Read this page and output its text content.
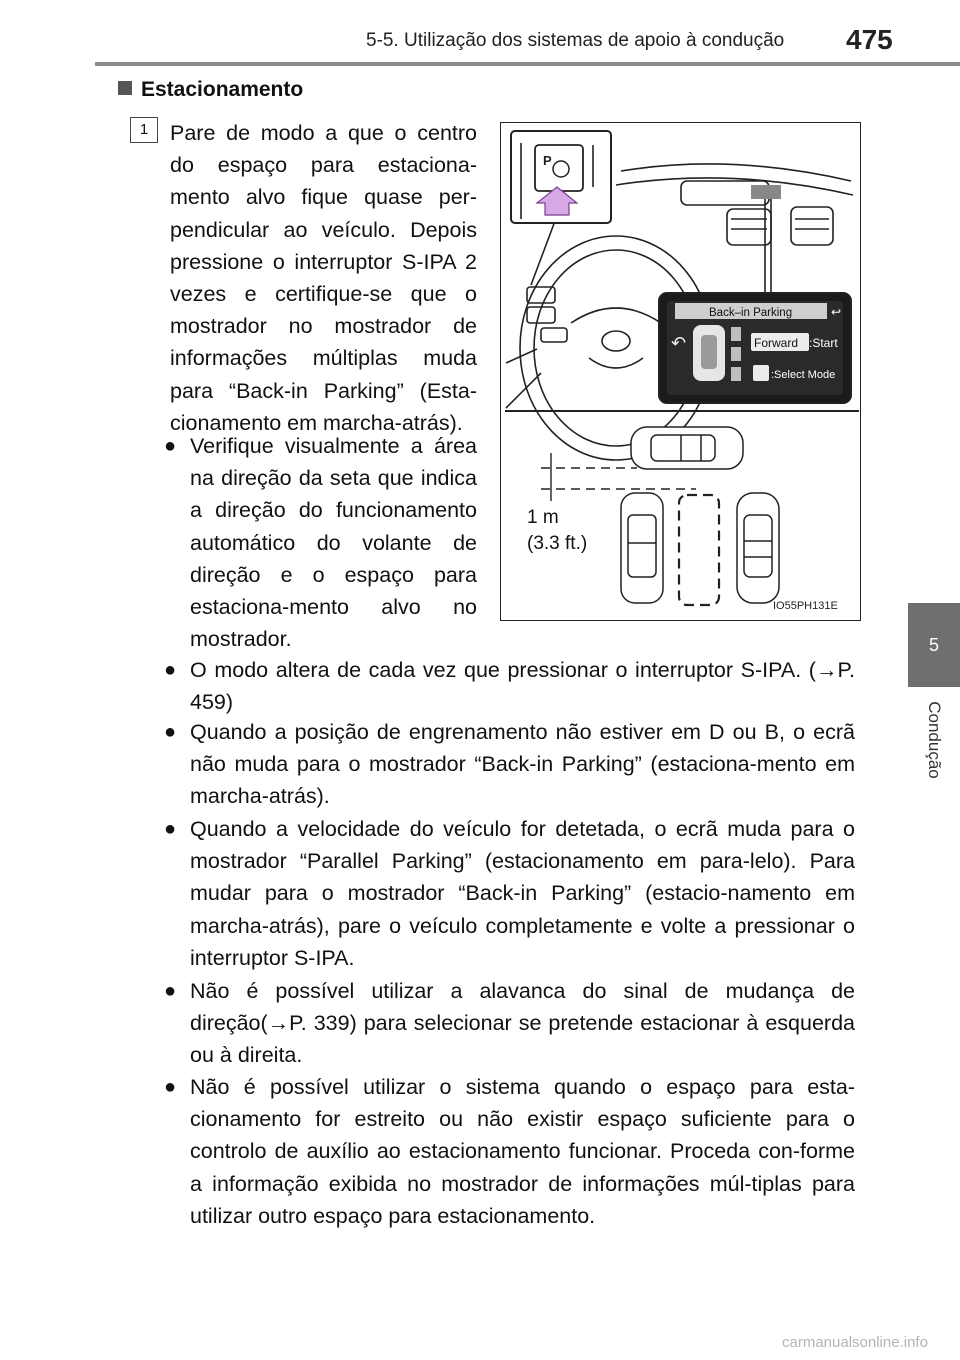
5-5. Utilização dos sistemas de apoio à condução 475
5
Condução
Estacionamento
1	Pare de modo a que o centro do espaço para estaciona-mento alvo fique quase per-pendicular ao veículo. Depois pressione o interruptor S-IPA 2 vezes e certifique-se que o mostrador no mostrador de informações múltiplas muda para “Back-in Parking” (Esta-cionamento em marcha-atrás).

● Verifique visualmente a área na direção da seta que indica a direção do funcionamento automático do volante de direção e o espaço para estaciona-mento alvo no mostrador.
● O modo altera de cada vez que pressionar o interruptor S-IPA. (→P. 459)
● Quando a posição de engrenamento não estiver em D ou B, o ecrã não muda para o mostrador “Back-in Parking” (estaciona-mento em marcha-atrás).
● Quando a velocidade do veículo for detetada, o ecrã muda para o mostrador “Parallel Parking” (estacionamento em para-lelo). Para mudar para o mostrador “Back-in Parking” (estacio-namento em marcha-atrás), pare o veículo completamente e volte a pressionar o interruptor S-IPA.
● Não é possível utilizar a alavanca do sinal de mudança de direção(→P. 339) para selecionar se pretende estacionar à esquerda ou à direita.
● Não é possível utilizar o sistema quando o espaço para esta-cionamento for estreito ou não existir espaço suficiente para o controlo de auxílio ao estacionamento funcionar. Proceda con-forme a informação exibida no mostrador de informações múl-tiplas para utilizar outro espaço para estacionamento.
P
Back–in Parking	↩
↶	Forward :Start
:Select Mode
1 m
(3.3 ft.)
IO55PH131E
carmanualsonline.info
